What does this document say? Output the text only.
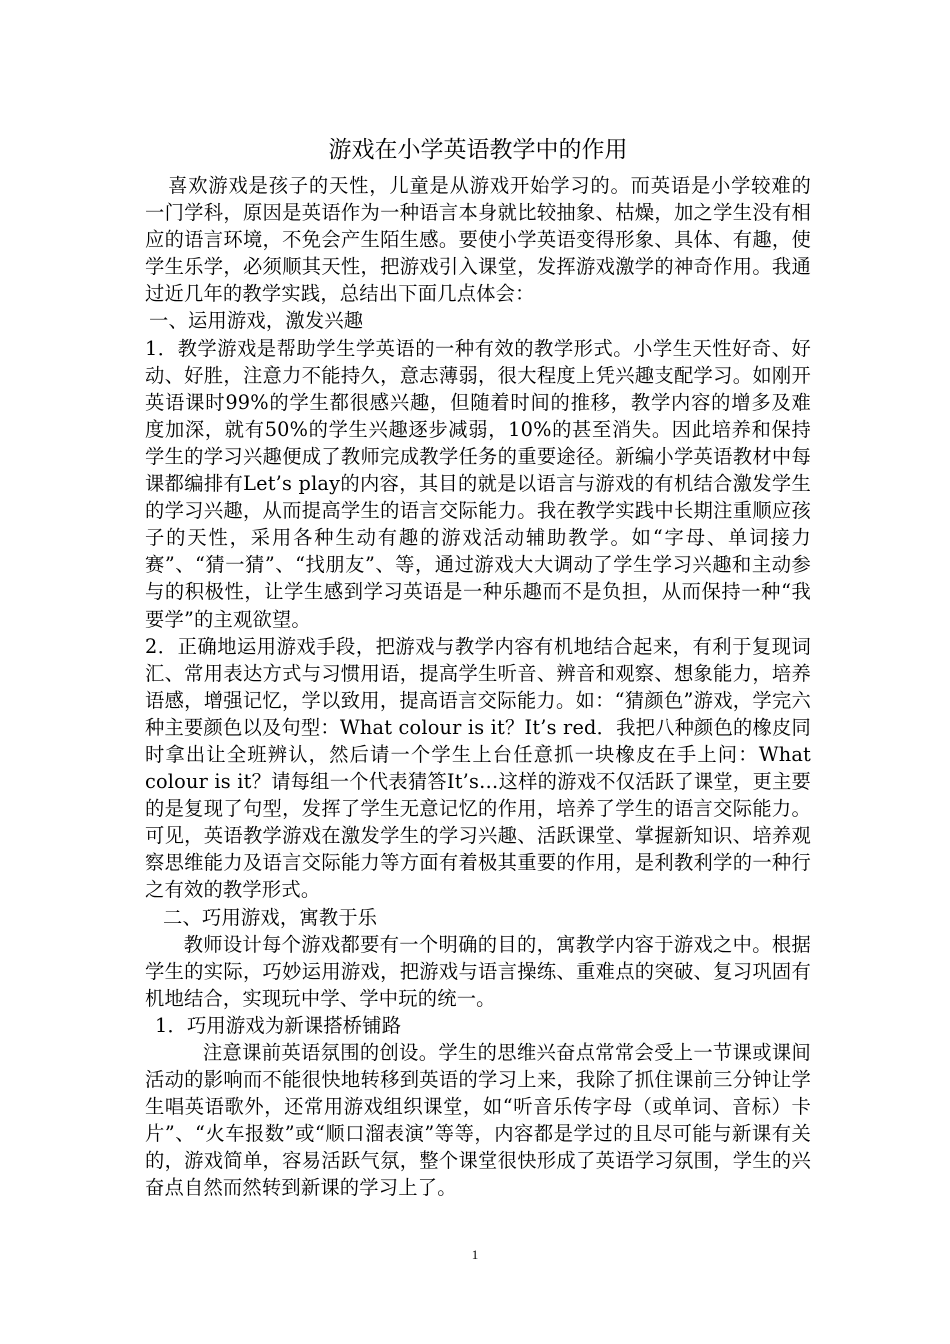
游戏在小学英语教学中的作用

喜欢游戏是孩子的天性，儿童是从游戏开始学习的。而英语是小学较难的一门学科，原因是英语作为一种语言本身就比较抽象、枯燥，加之学生没有相应的语言环境，不免会产生陌生感。要使小学英语变得形象、具体、有趣，使学生乐学，必须顺其天性，把游戏引入课堂，发挥游戏激学的神奇作用。我通过近几年的教学实践，总结出下面几点体会：

一、运用游戏，激发兴趣

1．教学游戏是帮助学生学英语的一种有效的教学形式。小学生天性好奇、好动、好胜，注意力不能持久，意志薄弱，很大程度上凭兴趣支配学习。如刚开英语课时99%的学生都很感兴趣，但随着时间的推移，教学内容的增多及难度加深，就有50%的学生兴趣逐步减弱，10%的甚至消失。因此培养和保持学生的学习兴趣便成了教师完成教学任务的重要途径。新编小学英语教材中每课都编排有Let’s play的内容，其目的就是以语言与游戏的有机结合激发学生的学习兴趣，从而提高学生的语言交际能力。我在教学实践中长期注重顺应孩子的天性，采用各种生动有趣的游戏活动辅助教学。如“字母、单词接力赛”、“猜一猜”、“找朋友”、等，通过游戏大大调动了学生学习兴趣和主动参与的积极性，让学生感到学习英语是一种乐趣而不是负担，从而保持一种“我要学”的主观欲望。

2．正确地运用游戏手段，把游戏与教学内容有机地结合起来，有利于复现词汇、常用表达方式与习惯用语，提高学生听音、辨音和观察、想象能力，培养语感，增强记忆，学以致用，提高语言交际能力。如：“猜颜色”游戏，学完六种主要颜色以及句型：What colour is it？It’s red．我把八种颜色的橡皮同时拿出让全班辨认，然后请一个学生上台任意抓一块橡皮在手上问：What colour is it？请每组一个代表猜答It’s…这样的游戏不仅活跃了课堂，更主要的是复现了句型，发挥了学生无意记忆的作用，培养了学生的语言交际能力。可见，英语教学游戏在激发学生的学习兴趣、活跃课堂、掌握新知识、培养观察思维能力及语言交际能力等方面有着极其重要的作用，是利教利学的一种行之有效的教学形式。

二、巧用游戏，寓教于乐

教师设计每个游戏都要有一个明确的目的，寓教学内容于游戏之中。根据学生的实际，巧妙运用游戏，把游戏与语言操练、重难点的突破、复习巩固有机地结合，实现玩中学、学中玩的统一。

1．巧用游戏为新课搭桥铺路

注意课前英语氛围的创设。学生的思维兴奋点常常会受上一节课或课间活动的影响而不能很快地转移到英语的学习上来，我除了抓住课前三分钟让学生唱英语歌外，还常用游戏组织课堂，如“听音乐传字母（或单词、音标）卡片”、“火车报数”或“顺口溜表演”等等，内容都是学过的且尽可能与新课有关的，游戏简单，容易活跃气氛，整个课堂很快形成了英语学习氛围，学生的兴奋点自然而然转到新课的学习上了。

1
